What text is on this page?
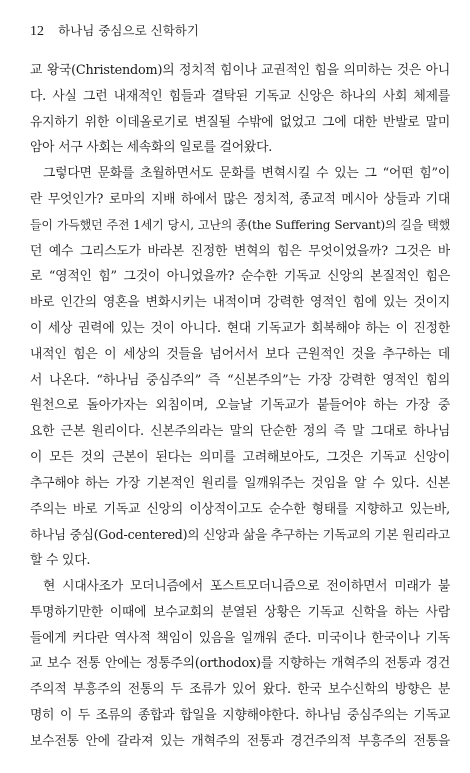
12 하나님 중심으로 신학하기
교 왕국(Christendom)의 정치적 힘이나 교권적인 힘을 의미하는 것은 아니
다. 사실 그런 내재적인 힘들과 결탁된 기독교 신앙은 하나의 사회 체제를
유지하기 위한 이데올로기로 변질될 수밖에 없었고 그에 대한 반발로 말미
암아 서구 사회는 세속화의 일로를 걸어왔다.
그렇다면 문화를 초월하면서도 문화를 변혁시킬 수 있는 그 “어떤 힘”이
란 무엇인가? 로마의 지배 하에서 많은 정치적, 종교적 메시아 상들과 기대
들이 가득했던 주전 1세기 당시, 고난의 종(the Suffering Servant)의 길을 택했
던 예수 그리스도가 바라본 진정한 변혁의 힘은 무엇이었을까? 그것은 바
로 “영적인 힘” 그것이 아니었을까? 순수한 기독교 신앙의 본질적인 힘은
바로 인간의 영혼을 변화시키는 내적이며 강력한 영적인 힘에 있는 것이지
이 세상 권력에 있는 것이 아니다. 현대 기독교가 회복해야 하는 이 진정한
내적인 힘은 이 세상의 것들을 넘어서서 보다 근원적인 것을 추구하는 데
서 나온다. “하나님 중심주의” 즉 “신본주의”는 가장 강력한 영적인 힘의
원천으로 돌아가자는 외침이며, 오늘날 기독교가 붙들어야 하는 가장 중
요한 근본 원리이다. 신본주의라는 말의 단순한 정의 즉 말 그대로 하나님
이 모든 것의 근본이 된다는 의미를 고려해보아도, 그것은 기독교 신앙이
추구해야 하는 가장 기본적인 원리를 일깨워주는 것임을 알 수 있다. 신본
주의는 바로 기독교 신앙의 이상적이고도 순수한 형태를 지향하고 있는바,
하나님 중심(God-centered)의 신앙과 삶을 추구하는 기독교의 기본 원리라고
할 수 있다.
현 시대사조가 모더니즘에서 포스트모더니즘으로 전이하면서 미래가 불
투명하기만한 이때에 보수교회의 분열된 상황은 기독교 신학을 하는 사람
들에게 커다란 역사적 책임이 있음을 일깨워 준다. 미국이나 한국이나 기독
교 보수 전통 안에는 정통주의(orthodox)를 지향하는 개혁주의 전통과 경건
주의적 부흥주의 전통의 두 조류가 있어 왔다. 한국 보수신학의 방향은 분
명히 이 두 조류의 종합과 합일을 지향해야한다. 하나님 중심주의는 기독교
보수전통 안에 갈라져 있는 개혁주의 전통과 경건주의적 부흥주의 전통을
